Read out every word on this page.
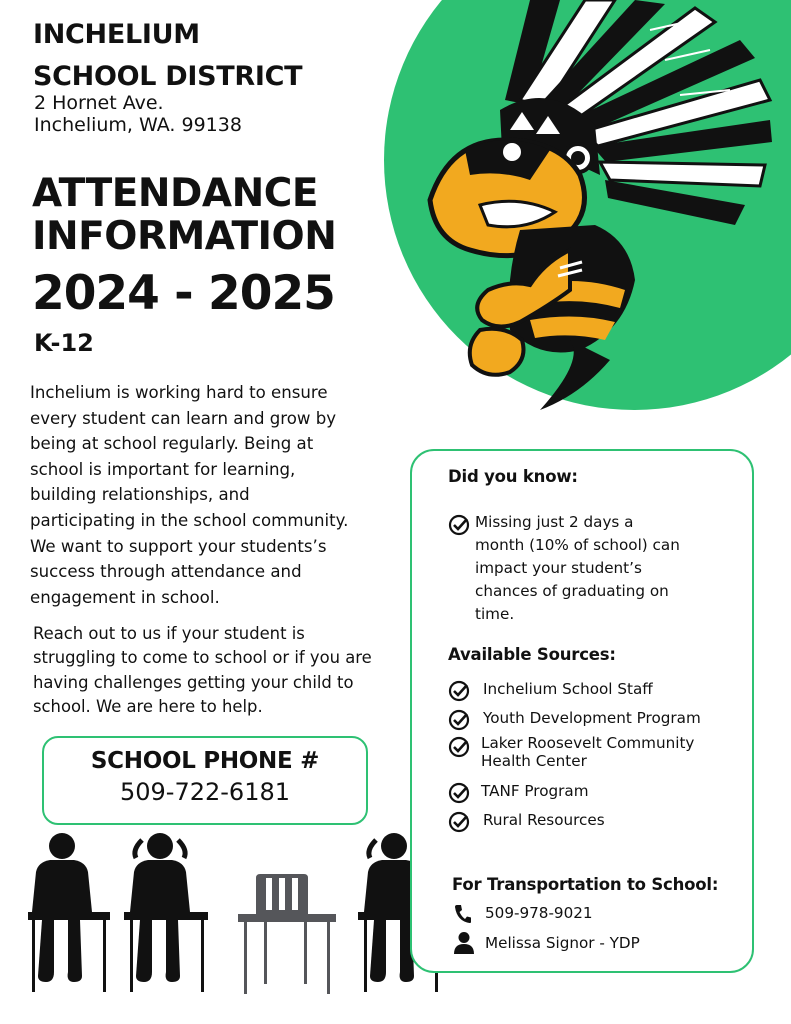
INCHELIUM
SCHOOL DISTRICT
2 Hornet Ave.
Inchelium, WA. 99138
ATTENDANCE
INFORMATION
2024 - 2025
K-12
Inchelium is working hard to ensure
every student can learn and grow by
being at school regularly. Being at
school is important for learning,
building relationships, and
participating in the school community.
We want to support your students’s
success through attendance and
engagement in school.
Reach out to us if your student is
struggling to come to school or if you are
having challenges getting your child to
school. We are here to help.
SCHOOL PHONE #
509-722-6181
Did you know:
Missing just 2 days a
month (10% of school) can
impact your student’s
chances of graduating on
time.
Available Sources:
Inchelium School Staff
Youth Development Program
Laker Roosevelt Community
Health Center
TANF Program
Rural Resources
For Transportation to School:
509-978-9021
Melissa Signor - YDP
